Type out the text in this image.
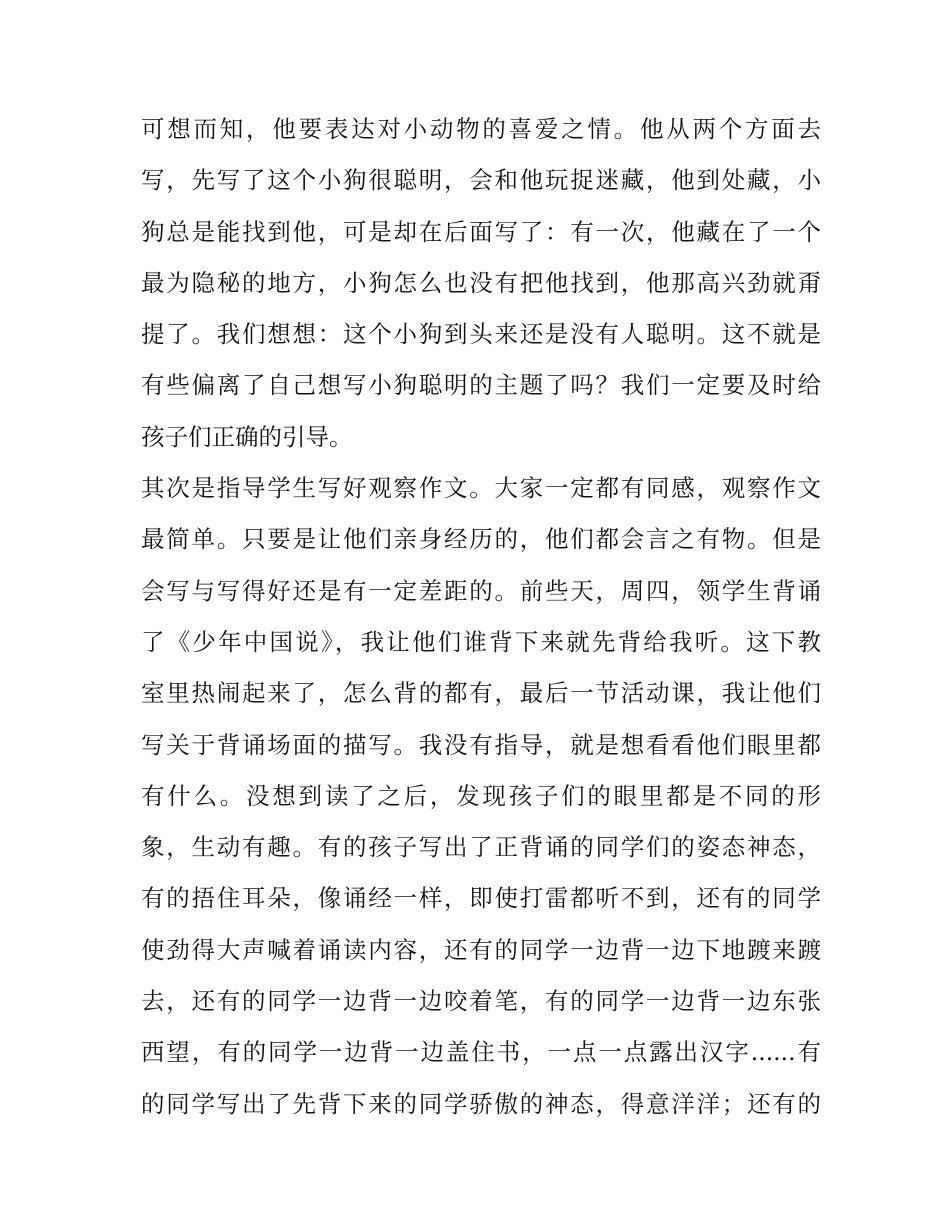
可想而知，他要表达对小动物的喜爱之情。他从两个方面去
写，先写了这个小狗很聪明，会和他玩捉迷藏，他到处藏，小
狗总是能找到他，可是却在后面写了：有一次，他藏在了一个
最为隐秘的地方，小狗怎么也没有把他找到，他那高兴劲就甭
提了。我们想想：这个小狗到头来还是没有人聪明。这不就是
有些偏离了自己想写小狗聪明的主题了吗？我们一定要及时给
孩子们正确的引导。
其次是指导学生写好观察作文。大家一定都有同感，观察作文
最简单。只要是让他们亲身经历的，他们都会言之有物。但是
会写与写得好还是有一定差距的。前些天，周四，领学生背诵
了《少年中国说》，我让他们谁背下来就先背给我听。这下教
室里热闹起来了，怎么背的都有，最后一节活动课，我让他们
写关于背诵场面的描写。我没有指导，就是想看看他们眼里都
有什么。没想到读了之后，发现孩子们的眼里都是不同的形
象，生动有趣。有的孩子写出了正背诵的同学们的姿态神态，
有的捂住耳朵，像诵经一样，即使打雷都听不到，还有的同学
使劲得大声喊着诵读内容，还有的同学一边背一边下地踱来踱
去，还有的同学一边背一边咬着笔，有的同学一边背一边东张
西望，有的同学一边背一边盖住书，一点一点露出汉字......有
的同学写出了先背下来的同学骄傲的神态，得意洋洋；还有的
